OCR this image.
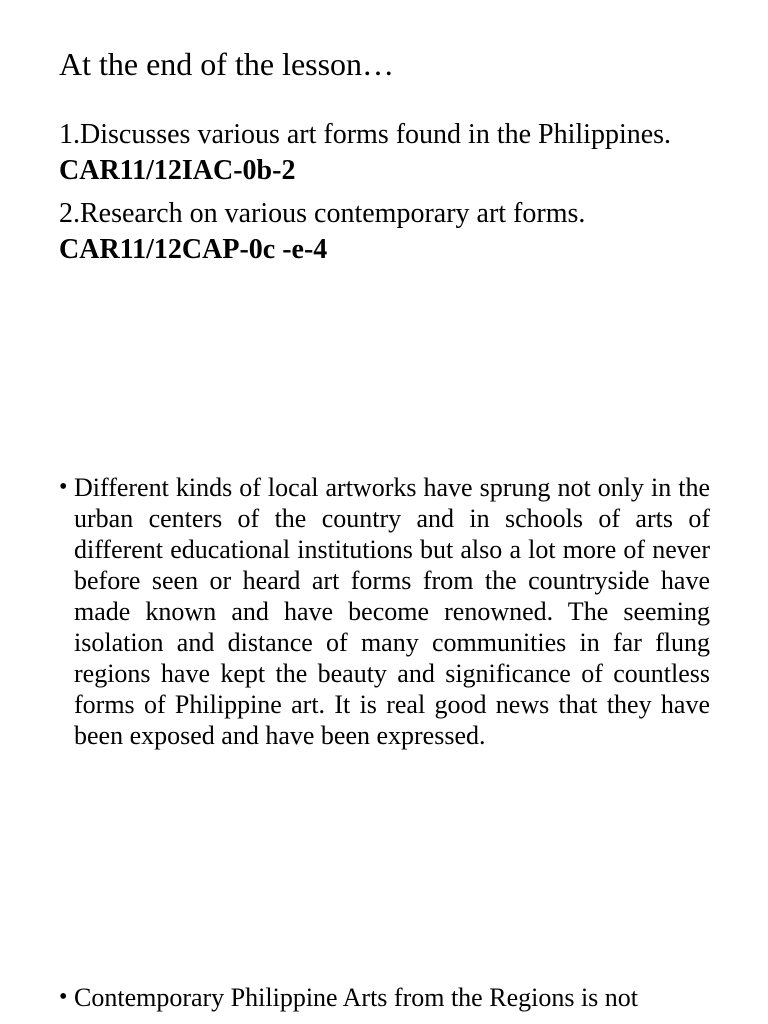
At the end of the lesson…
1.Discusses various art forms found in the Philippines. CAR11/12IAC-0b-2
2.Research on various contemporary art forms.
CAR11/12CAP-0c -e-4
• Different kinds of local artworks have sprung not only in the urban centers of the country and in schools of arts of different educational institutions but also a lot more of never before seen or heard art forms from the countryside have made known and have become renowned. The seeming isolation and distance of many communities in far flung regions have kept the beauty and significance of countless forms of Philippine art. It is real good news that they have been exposed and have been expressed.
• Contemporary Philippine Arts from the Regions is not
